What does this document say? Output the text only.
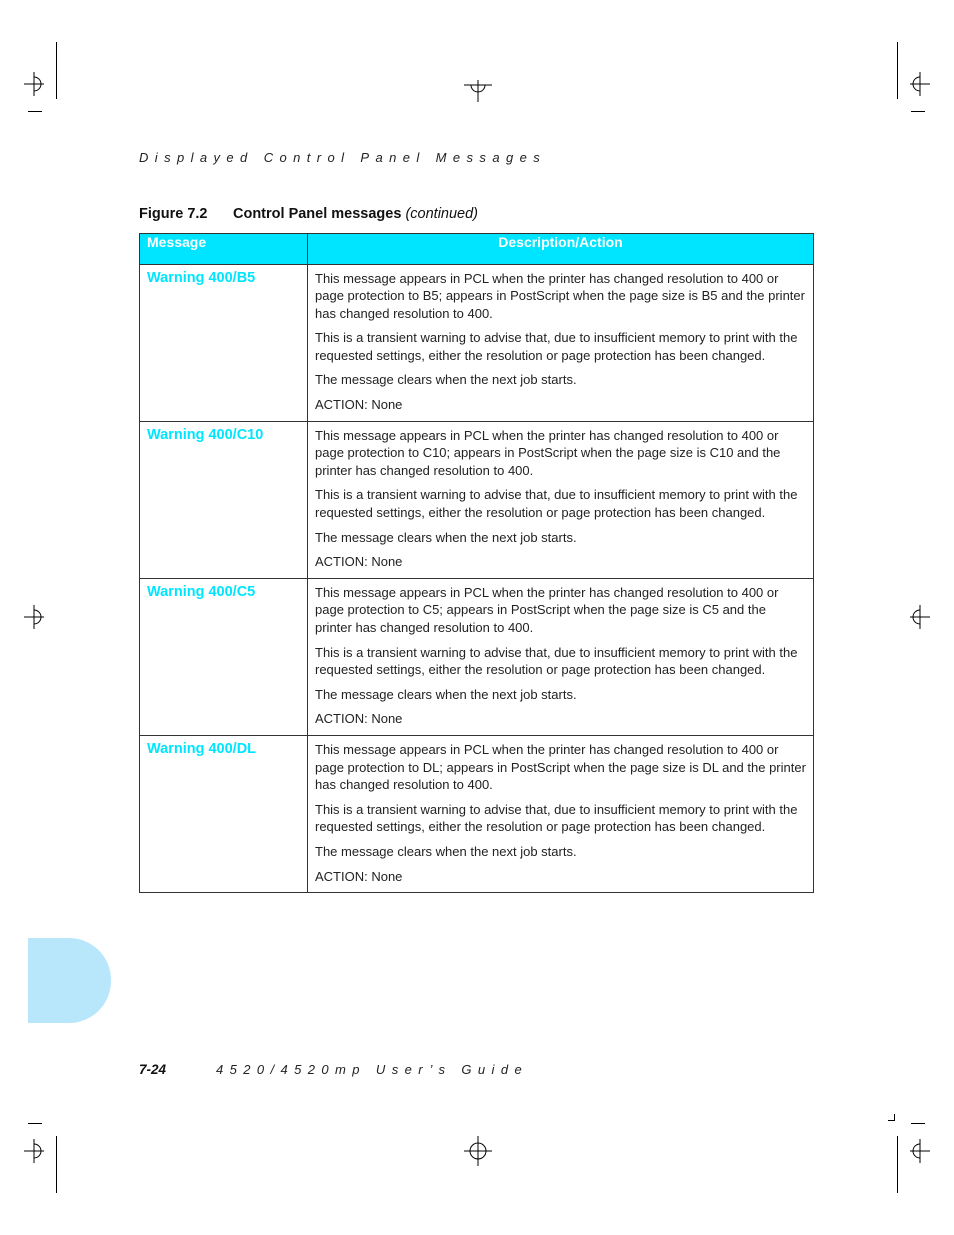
Displayed Control Panel Messages
Figure 7.2 Control Panel messages (continued)
Message	Description/Action
Warning 400/B5	This message appears in PCL when the printer has changed resolution to 400 or page protection to B5; appears in PostScript when the page size is B5 and the printer has changed resolution to 400.

This is a transient warning to advise that, due to insufficient memory to print with the requested settings, either the resolution or page protection has been changed.

The message clears when the next job starts.

ACTION: None

Warning 400/C10	This message appears in PCL when the printer has changed resolution to 400 or page protection to C10; appears in PostScript when the page size is C10 and the printer has changed resolution to 400.

This is a transient warning to advise that, due to insufficient memory to print with the requested settings, either the resolution or page protection has been changed.

The message clears when the next job starts.

ACTION: None

Warning 400/C5	This message appears in PCL when the printer has changed resolution to 400 or page protection to C5; appears in PostScript when the page size is C5 and the printer has changed resolution to 400.

This is a transient warning to advise that, due to insufficient memory to print with the requested settings, either the resolution or page protection has been changed.

The message clears when the next job starts.

ACTION: None

Warning 400/DL	This message appears in PCL when the printer has changed resolution to 400 or page protection to DL; appears in PostScript when the page size is DL and the printer has changed resolution to 400.

This is a transient warning to advise that, due to insufficient memory to print with the requested settings, either the resolution or page protection has been changed.

The message clears when the next job starts.

ACTION: None

7-24	4520/4520mp User’s Guide
